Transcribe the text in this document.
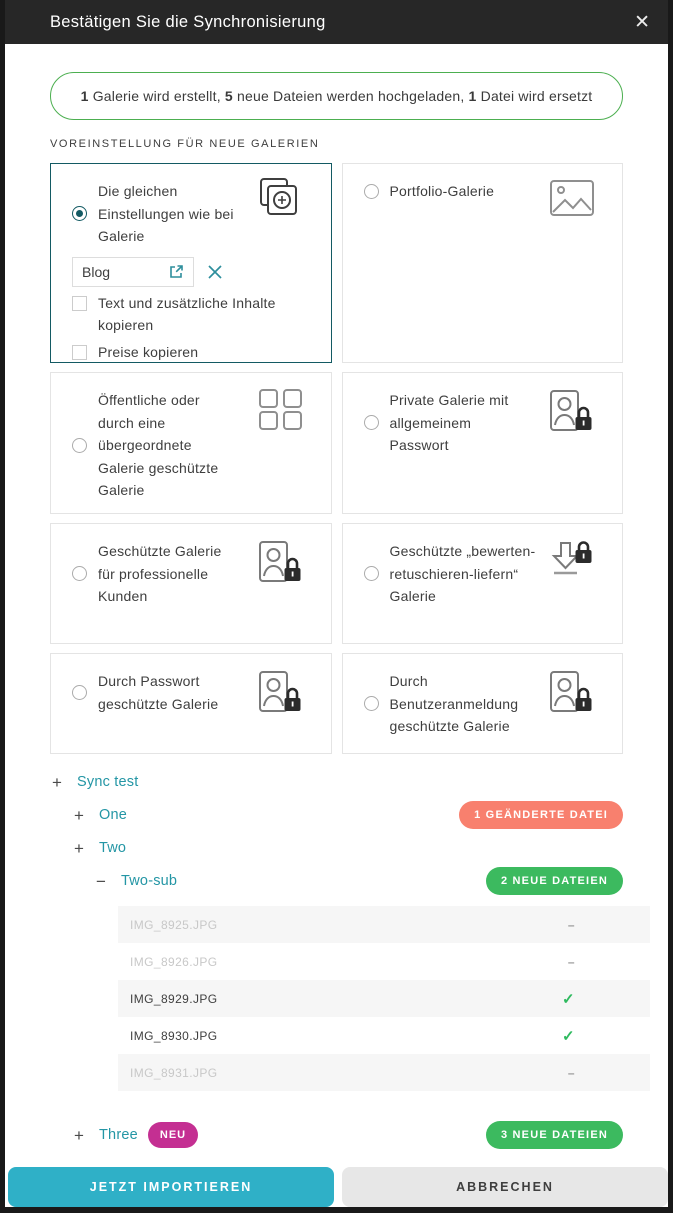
Bestätigen Sie die Synchronisierung	✕
1 Galerie wird erstellt, 5 neue Dateien werden hochgeladen, 1 Datei wird ersetzt
VOREINSTELLUNG FÜR NEUE GALERIEN
Die gleichen Einstellungen wie bei Galerie
Blog
Text und zusätzliche Inhalte kopieren
Preise kopieren
Portfolio-Galerie
Öffentliche oder durch eine übergeordnete Galerie geschützte Galerie
Private Galerie mit allgemeinem Passwort
Geschützte Galerie für professionelle Kunden
Geschützte „bewerten-retuschieren-liefern“ Galerie
Durch Passwort geschützte Galerie
Durch Benutzeranmeldung geschützte Galerie
+ Sync test
+ One	1 GEÄNDERTE DATEI
+ Two
− Two-sub	2 NEUE DATEIEN
IMG_8925.JPG	–
IMG_8926.JPG	–
IMG_8929.JPG	✓
IMG_8930.JPG	✓
IMG_8931.JPG	–
+ Three	NEU	3 NEUE DATEIEN
JETZT IMPORTIEREN	ABBRECHEN
